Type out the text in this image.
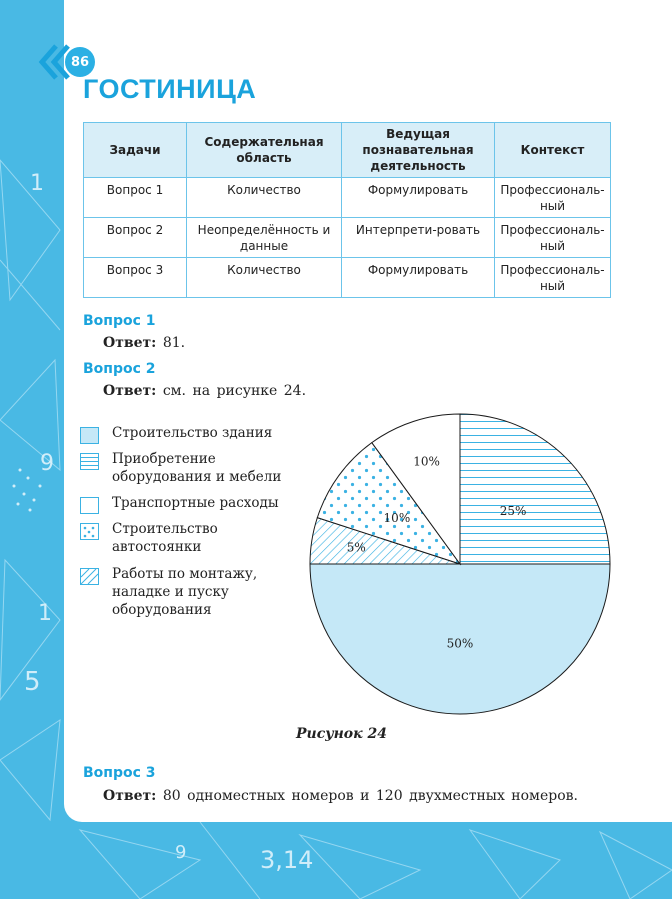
1
9
1
5
9	3,14
86
ГОСТИНИЦА
Задачи	Содержательная область	Ведущая познавательная деятельность	Контекст
Вопрос 1	Количество	Формулировать	Профессиональ-ный
Вопрос 2	Неопределённость и данные	Интерпрети-ровать	Профессиональ-ный
Вопрос 3	Количество	Формулировать	Профессиональ-ный
Вопрос 1
Ответ: 81.
Вопрос 2
Ответ: см. на рисунке 24.
Строительство здания
Приобретение
оборудования и мебели
Транспортные расходы
Строительство
автостоянки
Работы по монтажу,
наладке и пуску
оборудования
50%
5%
10%
10%
25%
Рисунок 24
Вопрос 3
Ответ: 80 одноместных номеров и 120 двухместных номеров.
